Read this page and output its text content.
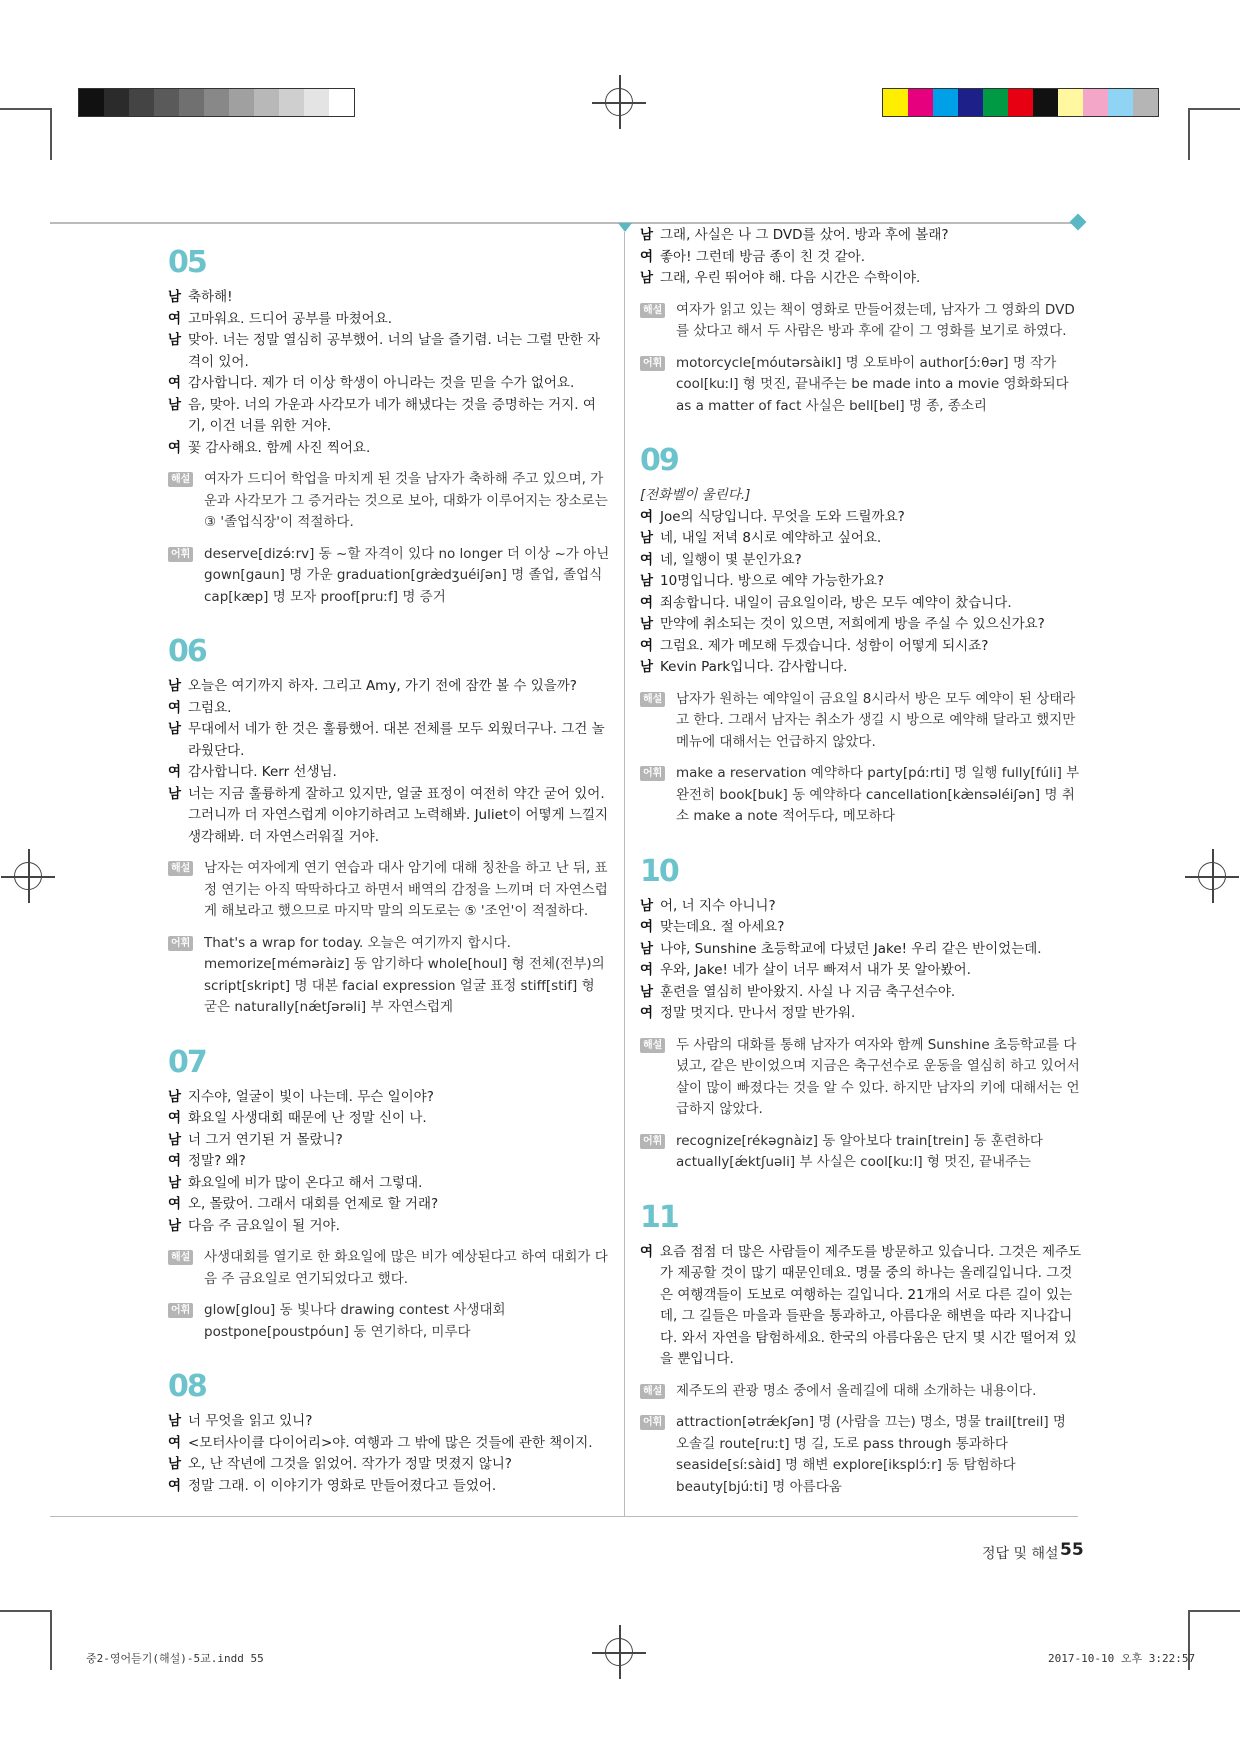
05
남 축하해!
여 고마워요. 드디어 공부를 마쳤어요.
남 맞아. 너는 정말 열심히 공부했어. 너의 날을 즐기렴. 너는 그럴 만한 자격이 있어.
여 감사합니다. 제가 더 이상 학생이 아니라는 것을 믿을 수가 없어요.
남 음, 맞아. 너의 가운과 사각모가 네가 해냈다는 것을 증명하는 거지. 여기, 이건 너를 위한 거야.
여 꽃 감사해요. 함께 사진 찍어요.
해설 여자가 드디어 학업을 마치게 된 것을 남자가 축하해 주고 있으며, 가운과 사각모가 그 증거라는 것으로 보아, 대화가 이루어지는 장소로는 ③ '졸업식장'이 적절하다.
어휘 deserve[dizə́ːrv] 동 ~할 자격이 있다 no longer 더 이상 ~가 아닌 gown[gaun] 명 가운 graduation[græ̀dʒuéiʃən] 명 졸업, 졸업식 cap[kæp] 명 모자 proof[pruːf] 명 증거
06
남 오늘은 여기까지 하자. 그리고 Amy, 가기 전에 잠깐 볼 수 있을까?
여 그럼요.
남 무대에서 네가 한 것은 훌륭했어. 대본 전체를 모두 외웠더구나. 그건 놀라웠단다.
여 감사합니다. Kerr 선생님.
남 너는 지금 훌륭하게 잘하고 있지만, 얼굴 표정이 여전히 약간 굳어 있어. 그러니까 더 자연스럽게 이야기하려고 노력해봐. Juliet이 어떻게 느낄지 생각해봐. 더 자연스러워질 거야.
해설 남자는 여자에게 연기 연습과 대사 암기에 대해 칭찬을 하고 난 뒤, 표정 연기는 아직 딱딱하다고 하면서 배역의 감정을 느끼며 더 자연스럽게 해보라고 했으므로 마지막 말의 의도로는 ⑤ '조언'이 적절하다.
어휘 That's a wrap for today. 오늘은 여기까지 합시다. memorize[méməràiz] 동 암기하다 whole[houl] 형 전체(전부)의 script[skript] 명 대본 facial expression 얼굴 표정 stiff[stif] 형 굳은 naturally[nǽtʃərəli] 부 자연스럽게
07
남 지수야, 얼굴이 빛이 나는데. 무슨 일이야?
여 화요일 사생대회 때문에 난 정말 신이 나.
남 너 그거 연기된 거 몰랐니?
여 정말? 왜?
남 화요일에 비가 많이 온다고 해서 그렇대.
여 오, 몰랐어. 그래서 대회를 언제로 할 거래?
남 다음 주 금요일이 될 거야.
해설 사생대회를 열기로 한 화요일에 많은 비가 예상된다고 하여 대회가 다음 주 금요일로 연기되었다고 했다.
어휘 glow[glou] 동 빛나다 drawing contest 사생대회 postpone[poustpóun] 동 연기하다, 미루다
08
남 너 무엇을 읽고 있니?
여 <모터사이클 다이어리>야. 여행과 그 밖에 많은 것들에 관한 책이지.
남 오, 난 작년에 그것을 읽었어. 작가가 정말 멋졌지 않니?
여 정말 그래. 이 이야기가 영화로 만들어졌다고 들었어.
남 그래, 사실은 나 그 DVD를 샀어. 방과 후에 볼래?
여 좋아! 그런데 방금 종이 친 것 같아.
남 그래, 우린 뛰어야 해. 다음 시간은 수학이야.
해설 여자가 읽고 있는 책이 영화로 만들어졌는데, 남자가 그 영화의 DVD를 샀다고 해서 두 사람은 방과 후에 같이 그 영화를 보기로 하였다.
어휘 motorcycle[móutərsàikl] 명 오토바이 author[ɔ́ːθər] 명 작가 cool[kuːl] 형 멋진, 끝내주는 be made into a movie 영화화되다 as a matter of fact 사실은 bell[bel] 명 종, 종소리
09
[전화벨이 울린다.]
여 Joe의 식당입니다. 무엇을 도와 드릴까요?
남 네, 내일 저녁 8시로 예약하고 싶어요.
여 네, 일행이 몇 분인가요?
남 10명입니다. 방으로 예약 가능한가요?
여 죄송합니다. 내일이 금요일이라, 방은 모두 예약이 찼습니다.
남 만약에 취소되는 것이 있으면, 저희에게 방을 주실 수 있으신가요?
여 그럼요. 제가 메모해 두겠습니다. 성함이 어떻게 되시죠?
남 Kevin Park입니다. 감사합니다.
해설 남자가 원하는 예약일이 금요일 8시라서 방은 모두 예약이 된 상태라고 한다. 그래서 남자는 취소가 생길 시 방으로 예약해 달라고 했지만 메뉴에 대해서는 언급하지 않았다.
어휘 make a reservation 예약하다 party[pɑ́ːrti] 명 일행 fully[fúli] 부 완전히 book[buk] 동 예약하다 cancellation[kæ̀nsəléiʃən] 명 취소 make a note 적어두다, 메모하다
10
남 어, 너 지수 아니니?
여 맞는데요. 절 아세요?
남 나야, Sunshine 초등학교에 다녔던 Jake! 우리 같은 반이었는데.
여 우와, Jake! 네가 살이 너무 빠져서 내가 못 알아봤어.
남 훈련을 열심히 받아왔지. 사실 나 지금 축구선수야.
여 정말 멋지다. 만나서 정말 반가워.
해설 두 사람의 대화를 통해 남자가 여자와 함께 Sunshine 초등학교를 다녔고, 같은 반이었으며 지금은 축구선수로 운동을 열심히 하고 있어서 살이 많이 빠졌다는 것을 알 수 있다. 하지만 남자의 키에 대해서는 언급하지 않았다.
어휘 recognize[rékəgnàiz] 동 알아보다 train[trein] 동 훈련하다 actually[ǽktʃuəli] 부 사실은 cool[kuːl] 형 멋진, 끝내주는
11
여 요즘 점점 더 많은 사람들이 제주도를 방문하고 있습니다. 그것은 제주도가 제공할 것이 많기 때문인데요. 명물 중의 하나는 올레길입니다. 그것은 여행객들이 도보로 여행하는 길입니다. 21개의 서로 다른 길이 있는데, 그 길들은 마을과 들판을 통과하고, 아름다운 해변을 따라 지나갑니다. 와서 자연을 탐험하세요. 한국의 아름다움은 단지 몇 시간 떨어져 있을 뿐입니다.
해설 제주도의 관광 명소 중에서 올레길에 대해 소개하는 내용이다.
어휘 attraction[ətrǽkʃən] 명 (사람을 끄는) 명소, 명물 trail[treil] 명 오솔길 route[ruːt] 명 길, 도로 pass through 통과하다 seaside[síːsàid] 명 해변 explore[iksplɔ́ːr] 동 탐험하다 beauty[bjúːti] 명 아름다움
정답 및 해설 55
중2-영어듣기(해설)-5교.indd 55	2017-10-10 오후 3:22:57
